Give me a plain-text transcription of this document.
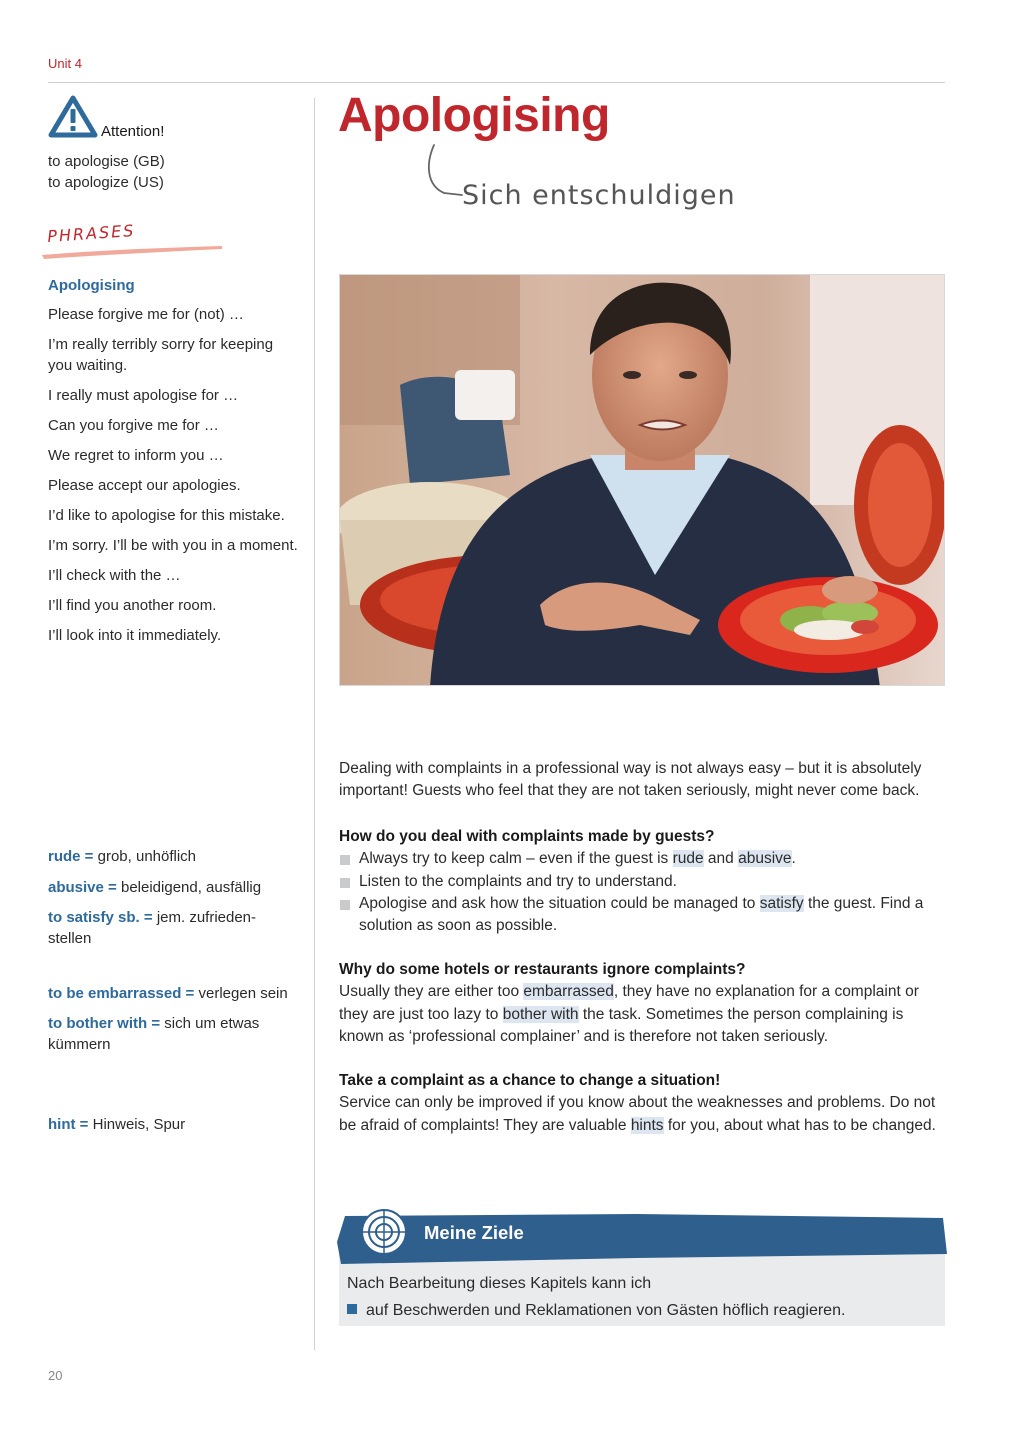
Unit 4
Attention!
to apologise (GB)
to apologize (US)
PHRASES
Apologising
Please forgive me for (not) …
I’m really terribly sorry for keeping you waiting.
I really must apologise for …
Can you forgive me for …
We regret to inform you …
Please accept our apologies.
I’d like to apologise for this mistake.
I’m sorry. I’ll be with you in a moment.
I’ll check with the …
I’ll find you another room.
I’ll look into it immediately.
rude = grob, unhöflich
abusive = beleidigend, ausfällig
to satisfy sb. = jem. zufrieden-stellen
to be embarrassed = verlegen sein
to bother with = sich um etwas kümmern
hint = Hinweis, Spur
Apologising
Sich entschuldigen

Dealing with complaints in a professional way is not always easy – but it is absolutely important! Guests who feel that they are not taken seriously, might never come back.

How do you deal with complaints made by guests?

Always try to keep calm – even if the guest is rude and abusive.
Listen to the complaints and try to understand.
Apologise and ask how the situation could be managed to satisfy the guest. Find a solution as soon as possible.

Why do some hotels or restaurants ignore complaints?

Usually they are either too embarrassed, they have no explanation for a complaint or they are just too lazy to bother with the task. Sometimes the person complaining is known as ‘professional complainer’ and is therefore not taken seriously.

Take a complaint as a chance to change a situation!

Service can only be improved if you know about the weaknesses and problems. Do not be afraid of complaints! They are valuable hints for you, about what has to be changed.

Meine Ziele
Nach Bearbeitung dieses Kapitels kann ich
auf Beschwerden und Reklamationen von Gästen höflich reagieren.
20
